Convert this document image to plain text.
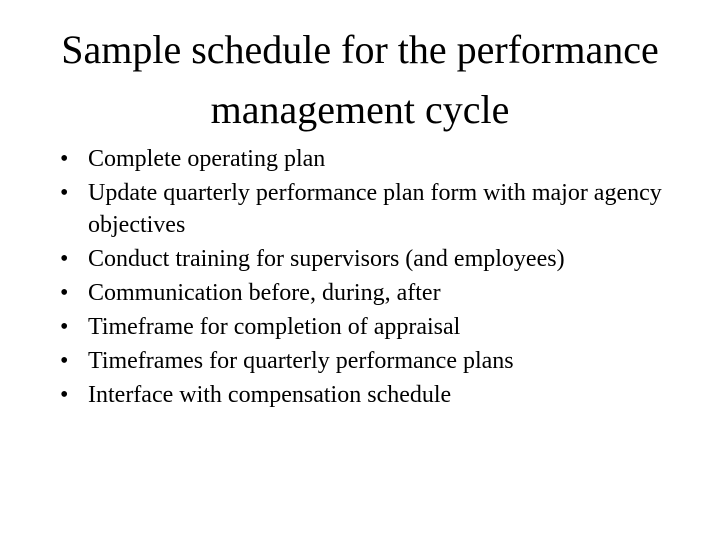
Sample schedule for the performance
management cycle
• Complete operating plan
• Update quarterly performance plan form with major agency objectives
• Conduct training for supervisors (and employees)
• Communication before, during, after
• Timeframe for completion of appraisal
• Timeframes for quarterly performance plans
• Interface with compensation schedule
